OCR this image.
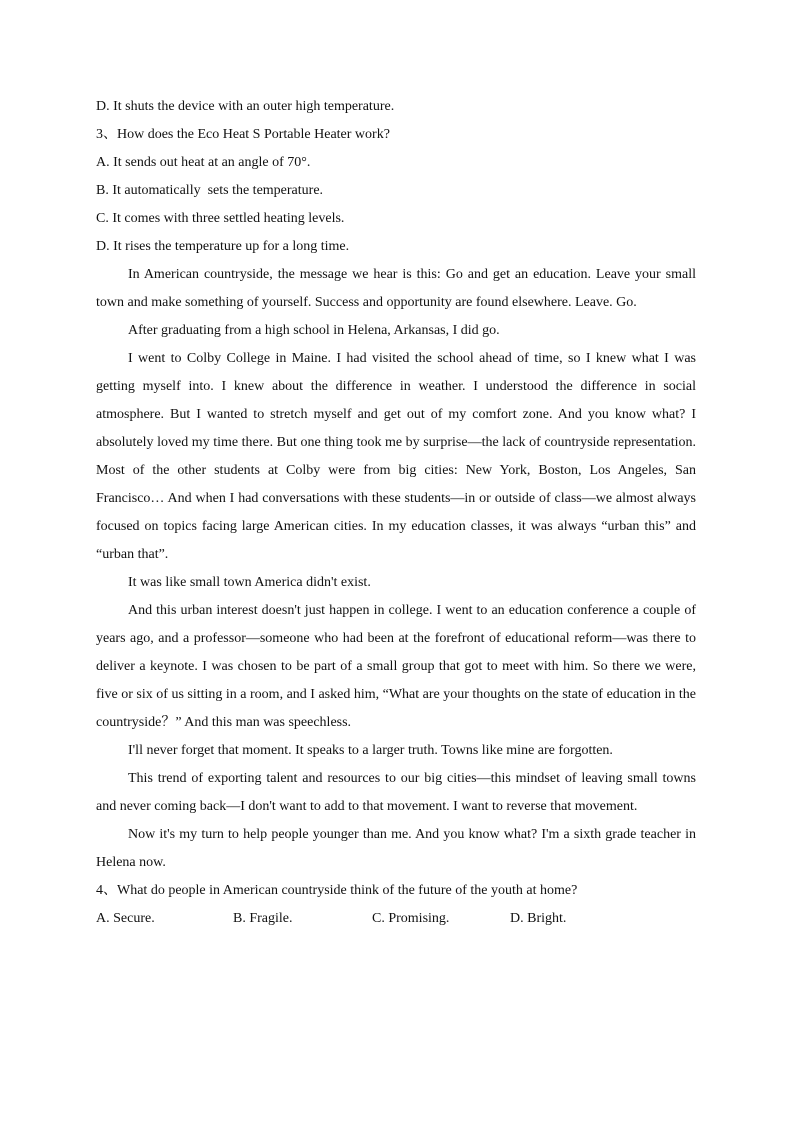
D. It shuts the device with an outer high temperature.
3、How does the Eco Heat S Portable Heater work?
A. It sends out heat at an angle of 70°.
B. It automatically  sets the temperature.
C. It comes with three settled heating levels.
D. It rises the temperature up for a long time.

In American countryside, the message we hear is this: Go and get an education. Leave your small town and make something of yourself. Success and opportunity are found elsewhere. Leave. Go.

After graduating from a high school in Helena, Arkansas, I did go.

I went to Colby College in Maine. I had visited the school ahead of time, so I knew what I was getting myself into. I knew about the difference in weather. I understood the difference in social atmosphere. But I wanted to stretch myself and get out of my comfort zone. And you know what? I absolutely loved my time there. But one thing took me by surprise—the lack of countryside representation. Most of the other students at Colby were from big cities: New York, Boston, Los Angeles, San Francisco… And when I had conversations with these students—in or outside of class—we almost always focused on topics facing large American cities. In my education classes, it was always “urban this” and “urban that”.

It was like small town America didn't exist.

And this urban interest doesn't just happen in college. I went to an education conference a couple of years ago, and a professor—someone who had been at the forefront of educational reform—was there to deliver a keynote. I was chosen to be part of a small group that got to meet with him. So there we were, five or six of us sitting in a room, and I asked him, “What are your thoughts on the state of education in the countryside？” And this man was speechless.

I'll never forget that moment. It speaks to a larger truth. Towns like mine are forgotten.

This trend of exporting talent and resources to our big cities—this mindset of leaving small towns and never coming back—I don't want to add to that movement. I want to reverse that movement.

Now it's my turn to help people younger than me. And you know what? I'm a sixth grade teacher in Helena now.

4、What do people in American countryside think of the future of the youth at home?
A. Secure.	B. Fragile.	C. Promising.	D. Bright.
